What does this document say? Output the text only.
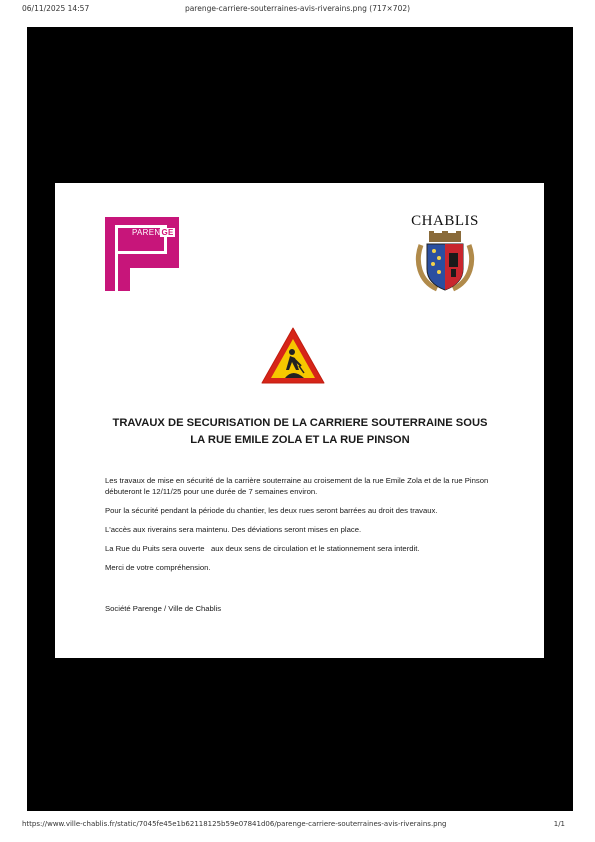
06/11/2025 14:57	parenge-carriere-souterraines-avis-riverains.png (717×702)
PARENGE
CHABLIS
TRAVAUX DE SECURISATION DE LA CARRIERE SOUTERRAINE SOUS
LA RUE EMILE ZOLA ET LA RUE PINSON

Les travaux de mise en sécurité de la carrière souterraine au croisement de la rue Emile Zola et de la rue Pinson débuteront le 12/11/25 pour une durée de 7 semaines environ.

Pour la sécurité pendant la période du chantier, les deux rues seront barrées au droit des travaux.

L'accès aux riverains sera maintenu. Des déviations seront mises en place.

La Rue du Puits sera ouverte   aux deux sens de circulation et le stationnement sera interdit.

Merci de votre compréhension.

Société Parenge / Ville de Chablis
https://www.ville-chablis.fr/static/7045fe45e1b62118125b59e07841d06/parenge-carriere-souterraines-avis-riverains.png	1/1
